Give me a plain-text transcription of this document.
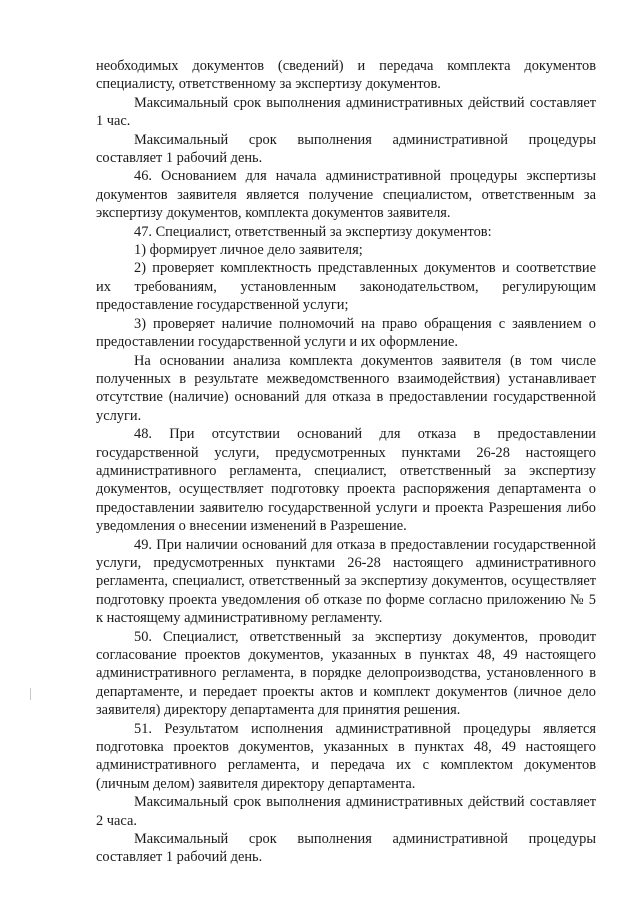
необходимых документов (сведений) и передача комплекта документов специалисту, ответственному за экспертизу документов.

Максимальный срок выполнения административных действий составляет 1 час.

Максимальный срок выполнения административной процедуры составляет 1 рабочий день.

46. Основанием для начала административной процедуры экспертизы документов заявителя является получение специалистом, ответственным за экспертизу документов, комплекта документов заявителя.

47. Специалист, ответственный за экспертизу документов:

1) формирует личное дело заявителя;

2) проверяет комплектность представленных документов и соответствие их требованиям, установленным законодательством, регулирующим предоставление государственной услуги;

3) проверяет наличие полномочий на право обращения с заявлением о предоставлении государственной услуги и их оформление.

На основании анализа комплекта документов заявителя (в том числе полученных в результате межведомственного взаимодействия) устанавливает отсутствие (наличие) оснований для отказа в предоставлении государственной услуги.

48. При отсутствии оснований для отказа в предоставлении государственной услуги, предусмотренных пунктами 26-28 настоящего административного регламента, специалист, ответственный за экспертизу документов, осуществляет подготовку проекта распоряжения департамента о предоставлении заявителю государственной услуги и проекта Разрешения либо уведомления о внесении изменений в Разрешение.

49. При наличии оснований для отказа в предоставлении государственной услуги, предусмотренных пунктами 26-28 настоящего административного регламента, специалист, ответственный за экспертизу документов, осуществляет подготовку проекта уведомления об отказе по форме согласно приложению № 5 к настоящему административному регламенту.

50. Специалист, ответственный за экспертизу документов, проводит согласование проектов документов, указанных в пунктах 48, 49 настоящего административного регламента, в порядке делопроизводства, установленного в департаменте, и передает проекты актов и комплект документов (личное дело заявителя) директору департамента для принятия решения.

51. Результатом исполнения административной процедуры является подготовка проектов документов, указанных в пунктах 48, 49 настоящего административного регламента, и передача их с комплектом документов (личным делом) заявителя директору департамента.

Максимальный срок выполнения административных действий составляет 2 часа.

Максимальный срок выполнения административной процедуры составляет 1 рабочий день.
